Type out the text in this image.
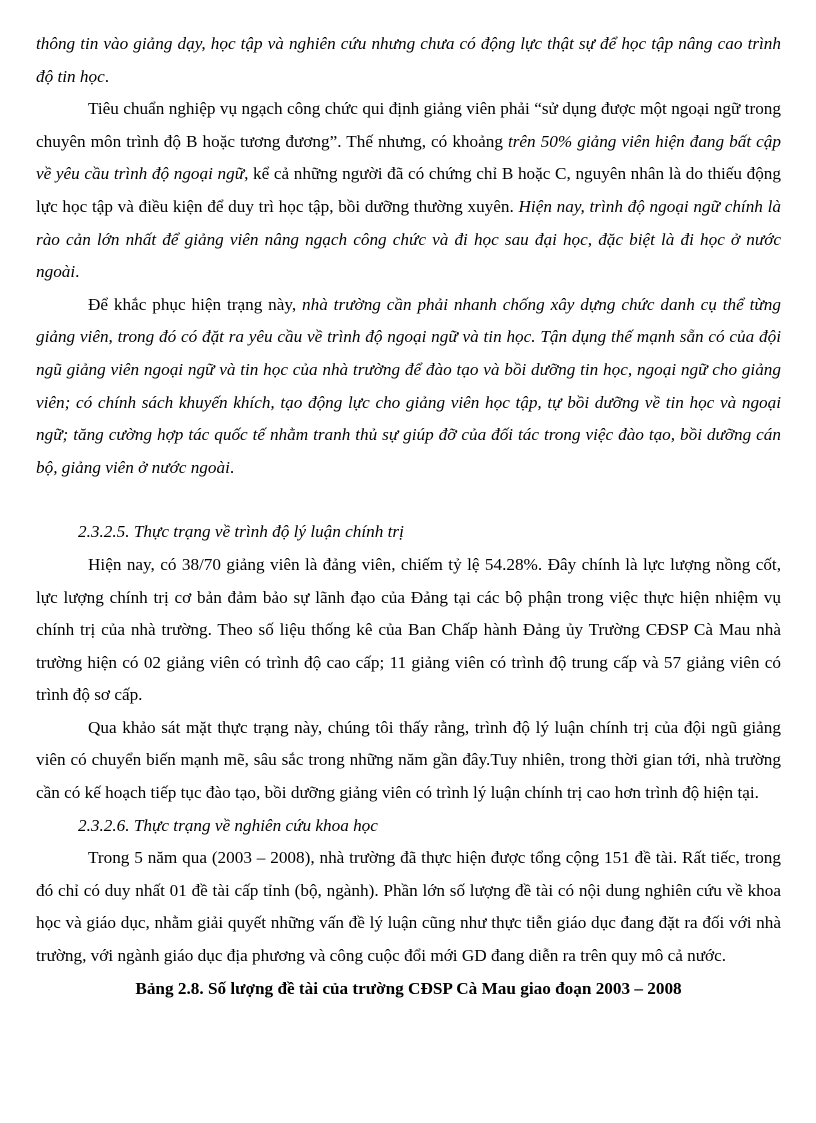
thông tin vào giảng dạy, học tập và nghiên cứu nhưng chưa có động lực thật sự để học tập nâng cao trình độ tin học.

Tiêu chuẩn nghiệp vụ ngạch công chức qui định giảng viên phải “sử dụng được một ngoại ngữ trong chuyên môn trình độ B hoặc tương đương”. Thế nhưng, có khoảng trên 50% giảng viên hiện đang bất cập về yêu cầu trình độ ngoại ngữ, kể cả những người đã có chứng chỉ B hoặc C, nguyên nhân là do thiếu động lực học tập và điều kiện để duy trì học tập, bồi dưỡng thường xuyên. Hiện nay, trình độ ngoại ngữ chính là rào cản lớn nhất để giảng viên nâng ngạch công chức và đi học sau đại học, đặc biệt là đi học ở nước ngoài.

Để khắc phục hiện trạng này, nhà trường cần phải nhanh chống xây dựng chức danh cụ thể từng giảng viên, trong đó có đặt ra yêu cầu về trình độ ngoại ngữ và tin học. Tận dụng thế mạnh sẵn có của đội ngũ giảng viên ngoại ngữ và tin học của nhà trường để đào tạo và bồi dưỡng tin học, ngoại ngữ cho giảng viên; có chính sách khuyến khích, tạo động lực cho giảng viên học tập, tự bồi dưỡng về tin học và ngoại ngữ; tăng cường hợp tác quốc tế nhằm tranh thủ sự giúp đỡ của đối tác trong việc đào tạo, bồi dưỡng cán bộ, giảng viên ở nước ngoài.

2.3.2.5. Thực trạng về trình độ lý luận chính trị

Hiện nay, có 38/70 giảng viên là đảng viên, chiếm tỷ lệ 54.28%. Đây chính là lực lượng nồng cốt, lực lượng chính trị cơ bản đảm bảo sự lãnh đạo của Đảng tại các bộ phận trong việc thực hiện nhiệm vụ chính trị của nhà trường. Theo số liệu thống kê của Ban Chấp hành Đảng ủy Trường CĐSP Cà Mau nhà trường hiện có 02 giảng viên có trình độ cao cấp; 11 giảng viên có trình độ trung cấp và 57 giảng viên có trình độ sơ cấp.

Qua khảo sát mặt thực trạng này, chúng tôi thấy rằng, trình độ lý luận chính trị của đội ngũ giảng viên có chuyển biến mạnh mẽ, sâu sắc trong những năm gần đây.Tuy nhiên, trong thời gian tới, nhà trường cần có kế hoạch tiếp tục đào tạo, bồi dưỡng giảng viên có trình lý luận chính trị cao hơn trình độ hiện tại.

2.3.2.6. Thực trạng về nghiên cứu khoa học

Trong 5 năm qua (2003 – 2008), nhà trường đã thực hiện được tổng cộng 151 đề tài. Rất tiếc, trong đó chỉ có duy nhất 01 đề tài cấp tỉnh (bộ, ngành). Phần lớn số lượng đề tài có nội dung nghiên cứu về khoa học và giáo dục, nhằm giải quyết những vấn đề lý luận cũng như thực tiễn giáo dục đang đặt ra đối với nhà trường, với ngành giáo dục địa phương và công cuộc đổi mới GD đang diễn ra trên quy mô cả nước.

Bảng 2.8. Số lượng đề tài của trường CĐSP Cà Mau giao đoạn 2003 – 2008
